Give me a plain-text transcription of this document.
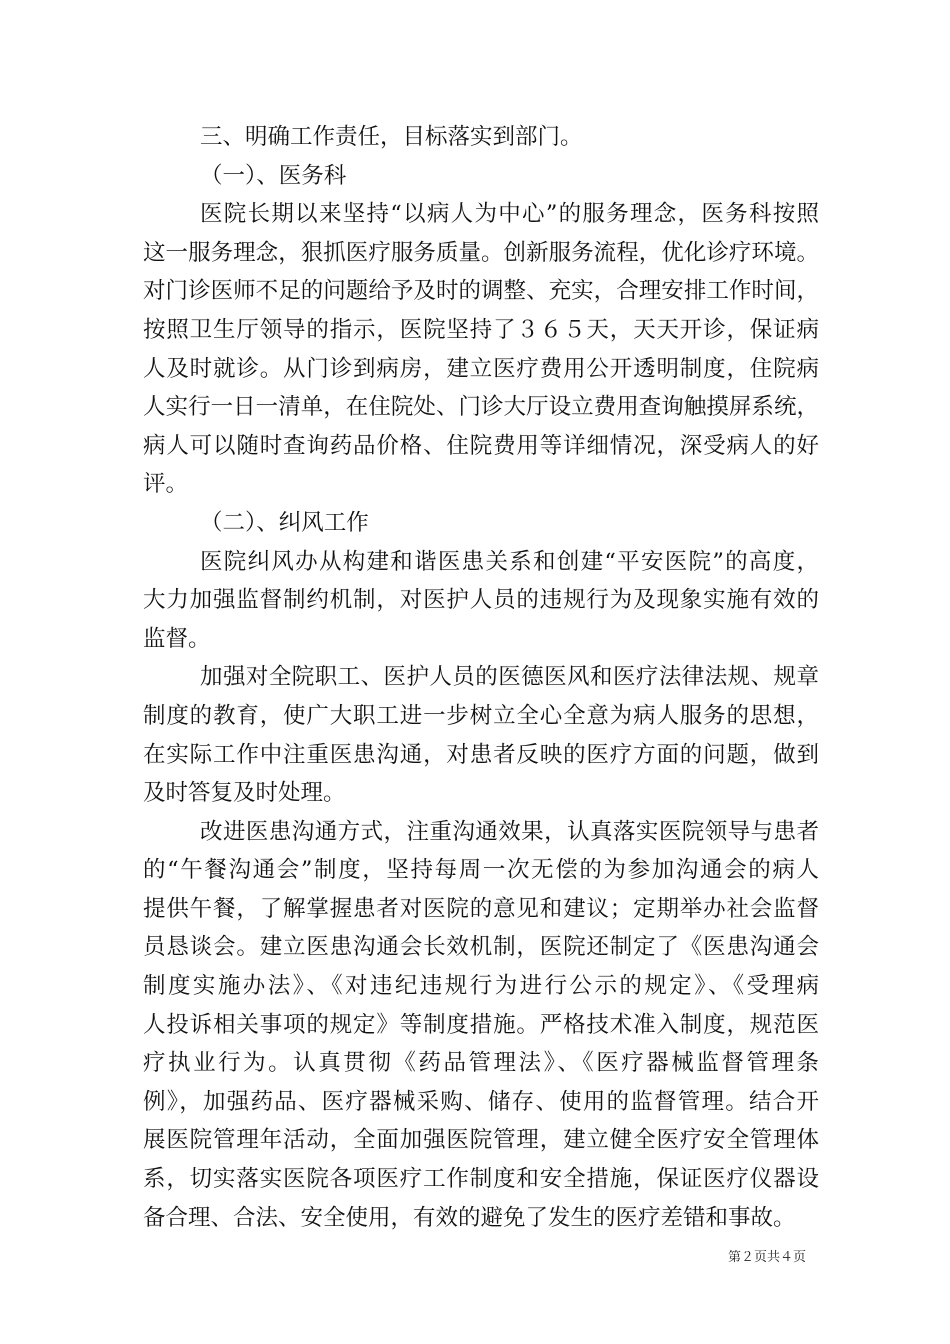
三、明确工作责任，目标落实到部门。
（一）、医务科
医院长期以来坚持“以病人为中心”的服务理念，医务科按照
这一服务理念，狠抓医疗服务质量。创新服务流程，优化诊疗环境。
对门诊医师不足的问题给予及时的调整、充实，合理安排工作时间，
按照卫生厅领导的指示，医院坚持了３６５天，天天开诊，保证病
人及时就诊。从门诊到病房，建立医疗费用公开透明制度，住院病
人实行一日一清单，在住院处、门诊大厅设立费用查询触摸屏系统，
病人可以随时查询药品价格、住院费用等详细情况，深受病人的好
评。
（二）、纠风工作
医院纠风办从构建和谐医患关系和创建“平安医院”的高度，
大力加强监督制约机制，对医护人员的违规行为及现象实施有效的
监督。
加强对全院职工、医护人员的医德医风和医疗法律法规、规章
制度的教育，使广大职工进一步树立全心全意为病人服务的思想，
在实际工作中注重医患沟通，对患者反映的医疗方面的问题，做到
及时答复及时处理。
改进医患沟通方式，注重沟通效果，认真落实医院领导与患者
的“午餐沟通会”制度，坚持每周一次无偿的为参加沟通会的病人
提供午餐，了解掌握患者对医院的意见和建议；定期举办社会监督
员恳谈会。建立医患沟通会长效机制，医院还制定了《医患沟通会
制度实施办法》、《对违纪违规行为进行公示的规定》、《受理病
人投诉相关事项的规定》等制度措施。严格技术准入制度，规范医
疗执业行为。认真贯彻《药品管理法》、《医疗器械监督管理条
例》，加强药品、医疗器械采购、储存、使用的监督管理。结合开
展医院管理年活动，全面加强医院管理，建立健全医疗安全管理体
系，切实落实医院各项医疗工作制度和安全措施，保证医疗仪器设
备合理、合法、安全使用，有效的避免了发生的医疗差错和事故。
第２页共４页
